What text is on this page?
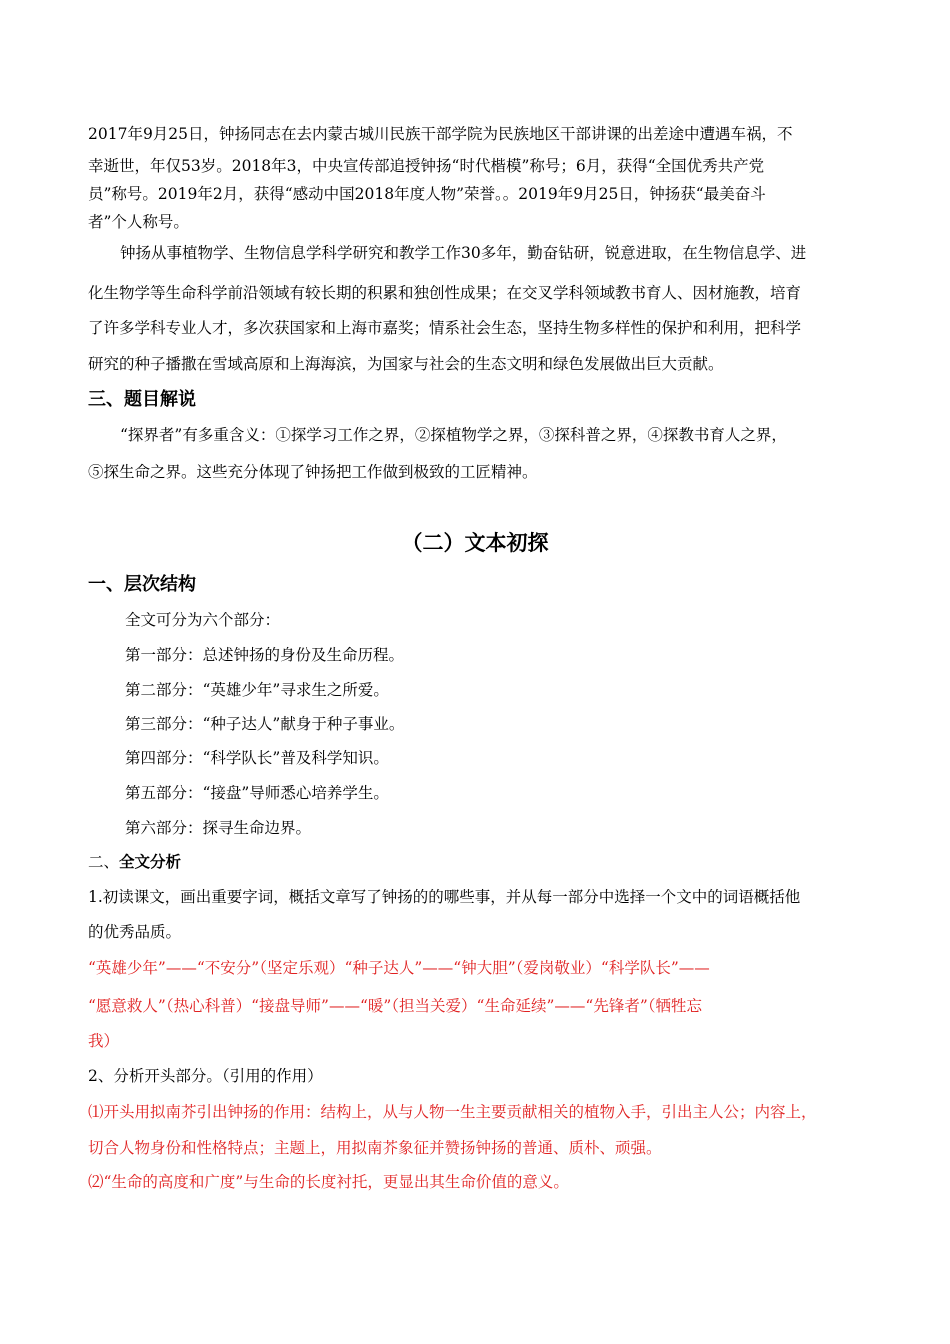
2017年9月25日，钟扬同志在去内蒙古城川民族干部学院为民族地区干部讲课的出差途中遭遇车祸，不
幸逝世，年仅53岁。2018年3，中央宣传部追授钟扬“时代楷模”称号；6月，获得“全国优秀共产党
员”称号。2019年2月，获得“感动中国2018年度人物”荣誉。。2019年9月25日，钟扬获“最美奋斗
者”个人称号。
钟扬从事植物学、生物信息学科学研究和教学工作30多年，勤奋钻研，锐意进取，在生物信息学、进
化生物学等生命科学前沿领域有较长期的积累和独创性成果；在交叉学科领域教书育人、因材施教，培育
了许多学科专业人才，多次获国家和上海市嘉奖；情系社会生态，坚持生物多样性的保护和利用，把科学
研究的种子播撒在雪域高原和上海海滨，为国家与社会的生态文明和绿色发展做出巨大贡献。
三、题目解说
“探界者”有多重含义：①探学习工作之界，②探植物学之界，③探科普之界，④探教书育人之界，
⑤探生命之界。这些充分体现了钟扬把工作做到极致的工匠精神。
（二）文本初探
一、层次结构
全文可分为六个部分：
第一部分：总述钟扬的身份及生命历程。
第二部分：“英雄少年”寻求生之所爱。
第三部分：“种子达人”献身于种子事业。
第四部分：“科学队长”普及科学知识。
第五部分：“接盘”导师悉心培养学生。
第六部分：探寻生命边界。
二、全文分析
1.初读课文，画出重要字词，概括文章写了钟扬的的哪些事，并从每一部分中选择一个文中的词语概括他
的优秀品质。
“英雄少年”——“不安分”（坚定乐观）“种子达人”——“钟大胆”（爱岗敬业）“科学队长”——
“愿意救人”（热心科普）“接盘导师”——“暖”（担当关爱）“生命延续”——“先锋者”（牺牲忘
我）
2、分析开头部分。（引用的作用）
⑴开头用拟南芥引出钟扬的作用：结构上，从与人物一生主要贡献相关的植物入手，引出主人公；内容上，
切合人物身份和性格特点；主题上，用拟南芥象征并赞扬钟扬的普通、质朴、顽强。
⑵“生命的高度和广度”与生命的长度衬托，更显出其生命价值的意义。
